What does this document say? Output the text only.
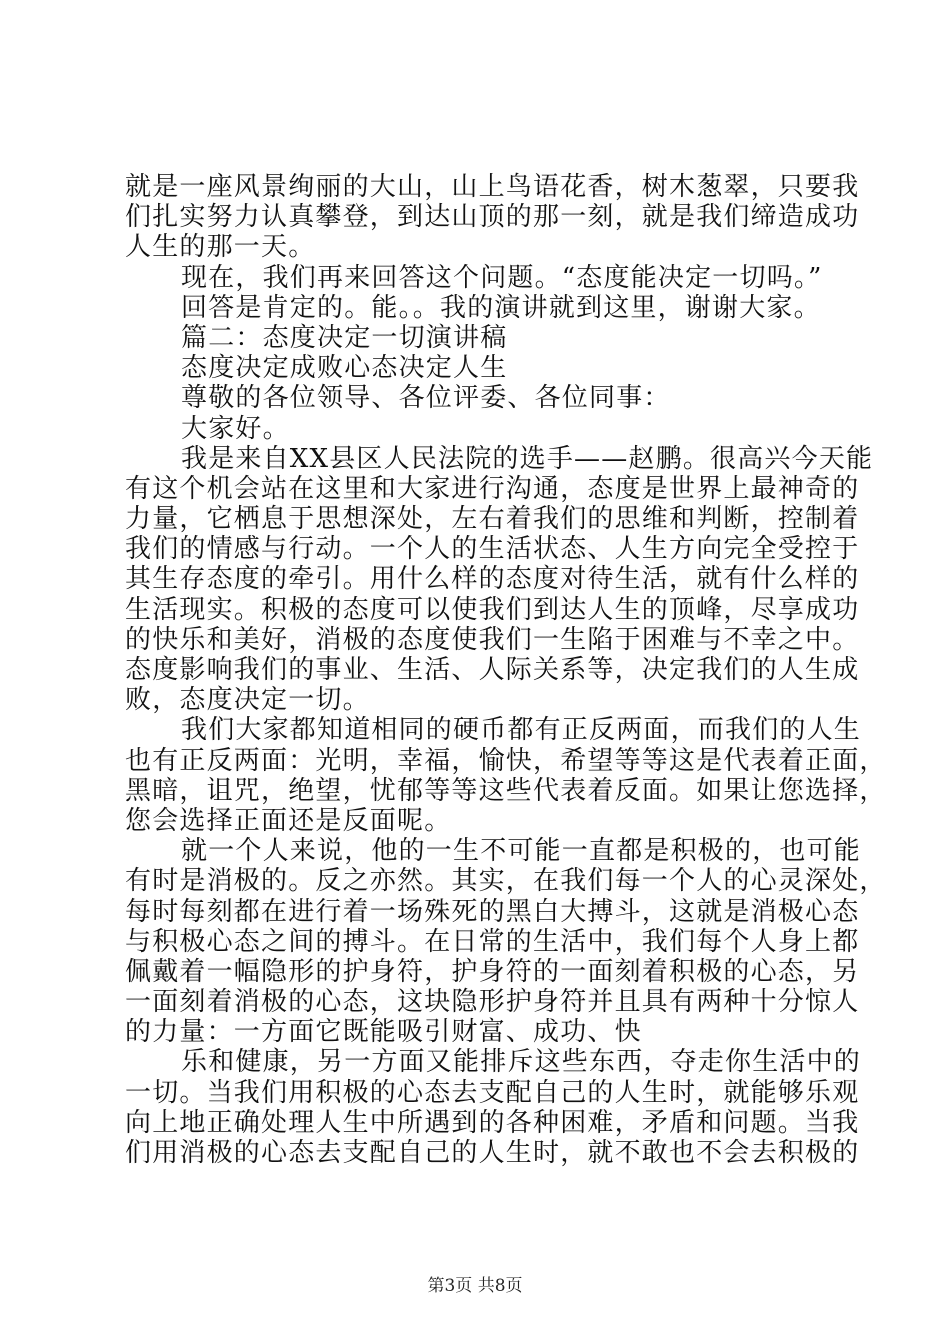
就是一座风景绚丽的大山，山上鸟语花香，树木葱翠，只要我
们扎实努力认真攀登，到达山顶的那一刻，就是我们缔造成功
人生的那一天。
现在，我们再来回答这个问题。“态度能决定一切吗。”
回答是肯定的。能。。我的演讲就到这里，谢谢大家。
篇二：态度决定一切演讲稿
态度决定成败心态决定人生
尊敬的各位领导、各位评委、各位同事：
大家好。
我是来自XX县区人民法院的选手——赵鹏。很高兴今天能
有这个机会站在这里和大家进行沟通，态度是世界上最神奇的
力量，它栖息于思想深处，左右着我们的思维和判断，控制着
我们的情感与行动。一个人的生活状态、人生方向完全受控于
其生存态度的牵引。用什么样的态度对待生活，就有什么样的
生活现实。积极的态度可以使我们到达人生的顶峰，尽享成功
的快乐和美好，消极的态度使我们一生陷于困难与不幸之中。
态度影响我们的事业、生活、人际关系等，决定我们的人生成
败，态度决定一切。
我们大家都知道相同的硬币都有正反两面，而我们的人生
也有正反两面：光明，幸福，愉快，希望等等这是代表着正面，
黑暗，诅咒，绝望，忧郁等等这些代表着反面。如果让您选择，
您会选择正面还是反面呢。
就一个人来说，他的一生不可能一直都是积极的，也可能
有时是消极的。反之亦然。其实，在我们每一个人的心灵深处，
每时每刻都在进行着一场殊死的黑白大搏斗，这就是消极心态
与积极心态之间的搏斗。在日常的生活中，我们每个人身上都
佩戴着一幅隐形的护身符，护身符的一面刻着积极的心态，另
一面刻着消极的心态，这块隐形护身符并且具有两种十分惊人
的力量：一方面它既能吸引财富、成功、快
乐和健康，另一方面又能排斥这些东西，夺走你生活中的
一切。当我们用积极的心态去支配自己的人生时，就能够乐观
向上地正确处理人生中所遇到的各种困难，矛盾和问题。当我
们用消极的心态去支配自己的人生时，就不敢也不会去积极的
第3页 共8页
